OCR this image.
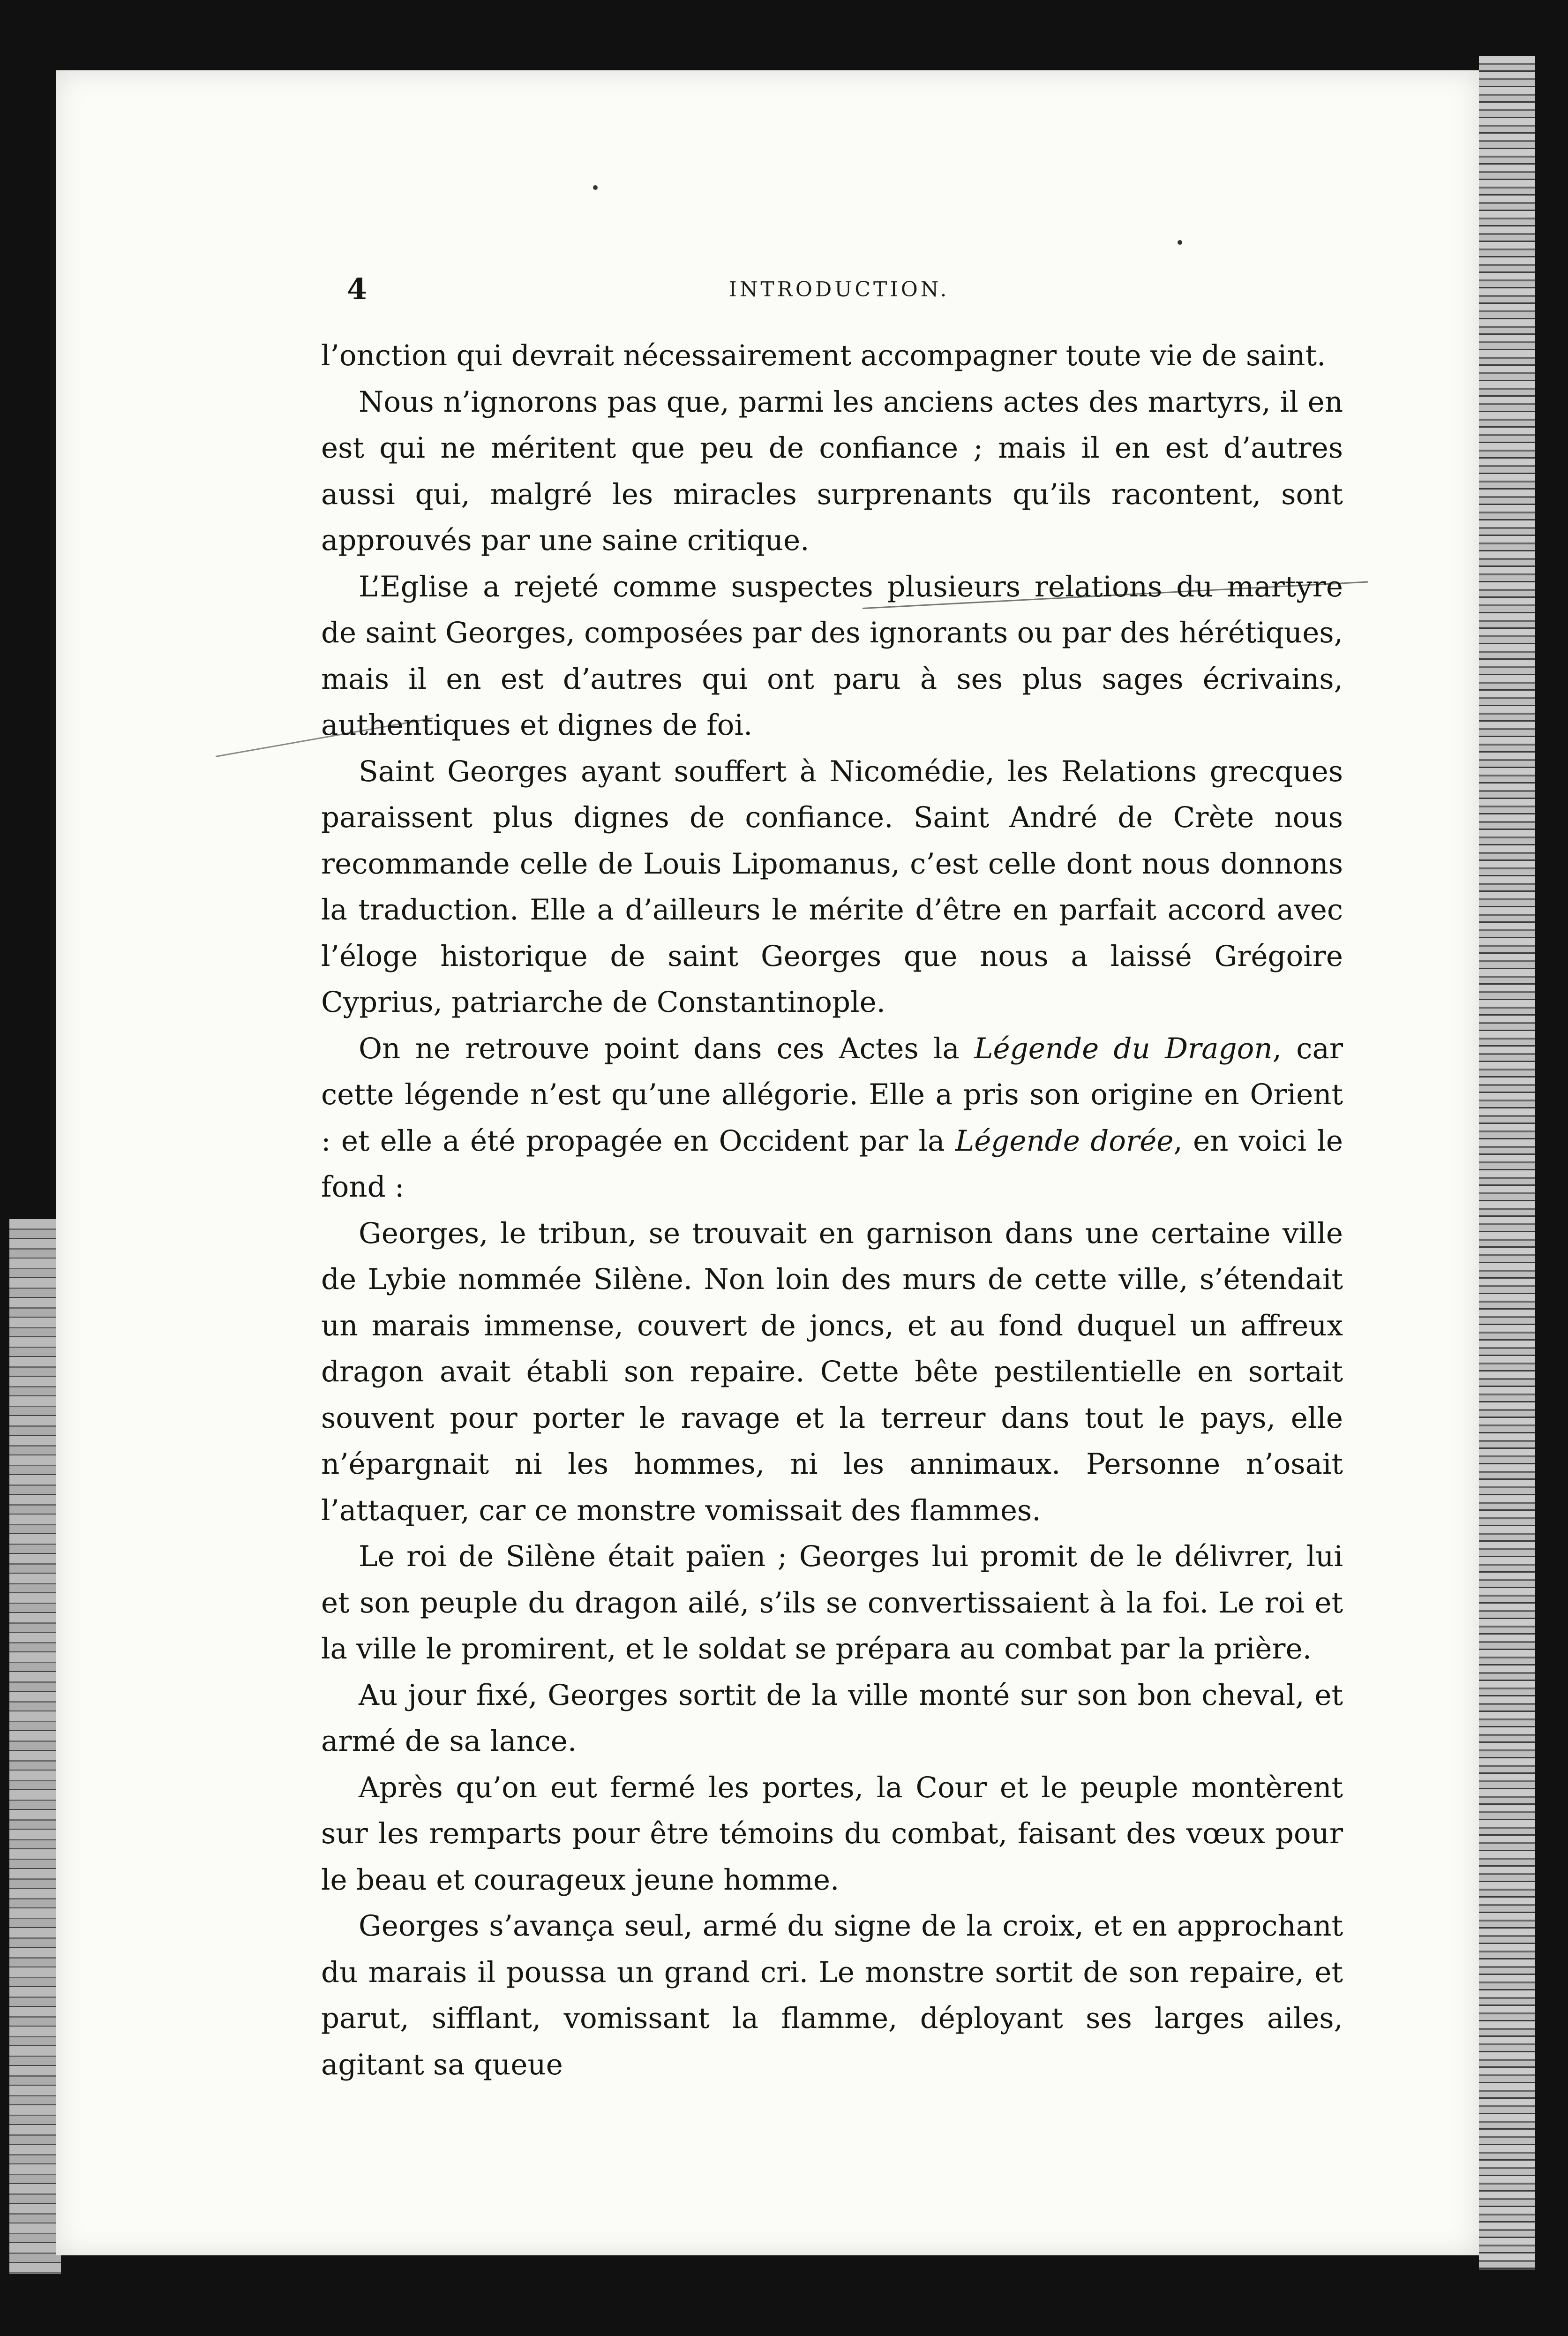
4	INTRODUCTION.

l’onction qui devrait nécessairement accompagner toute vie de saint.

Nous n’ignorons pas que, parmi les anciens actes des martyrs, il en est qui ne méritent que peu de confiance ; mais il en est d’autres aussi qui, malgré les miracles surprenants qu’ils racontent, sont approuvés par une saine critique.

L’Eglise a rejeté comme suspectes plusieurs relations du martyre de saint Georges, composées par des ignorants ou par des hérétiques, mais il en est d’autres qui ont paru à ses plus sages écrivains, authentiques et dignes de foi.

Saint Georges ayant souffert à Nicomédie, les Relations grecques paraissent plus dignes de confiance. Saint André de Crète nous recommande celle de Louis Lipomanus, c’est celle dont nous donnons la traduction. Elle a d’ailleurs le mérite d’être en parfait accord avec l’éloge historique de saint Georges que nous a laissé Grégoire Cyprius, patriarche de Constantinople.

On ne retrouve point dans ces Actes la Légende du Dragon, car cette légende n’est qu’une allégorie. Elle a pris son origine en Orient : et elle a été propagée en Occident par la Légende dorée, en voici le fond :

Georges, le tribun, se trouvait en garnison dans une certaine ville de Lybie nommée Silène. Non loin des murs de cette ville, s’étendait un marais immense, couvert de joncs, et au fond duquel un affreux dragon avait établi son repaire. Cette bête pestilentielle en sortait souvent pour porter le ravage et la terreur dans tout le pays, elle n’épargnait ni les hommes, ni les annimaux. Personne n’osait l’attaquer, car ce monstre vomissait des flammes.

Le roi de Silène était païen ; Georges lui promit de le délivrer, lui et son peuple du dragon ailé, s’ils se convertissaient à la foi. Le roi et la ville le promirent, et le soldat se prépara au combat par la prière.

Au jour fixé, Georges sortit de la ville monté sur son bon cheval, et armé de sa lance.

Après qu’on eut fermé les portes, la Cour et le peuple montèrent sur les remparts pour être témoins du combat, faisant des vœux pour le beau et courageux jeune homme.

Georges s’avança seul, armé du signe de la croix, et en approchant du marais il poussa un grand cri. Le monstre sortit de son repaire, et parut, sifflant, vomissant la flamme, déployant ses larges ailes, agitant sa queue
